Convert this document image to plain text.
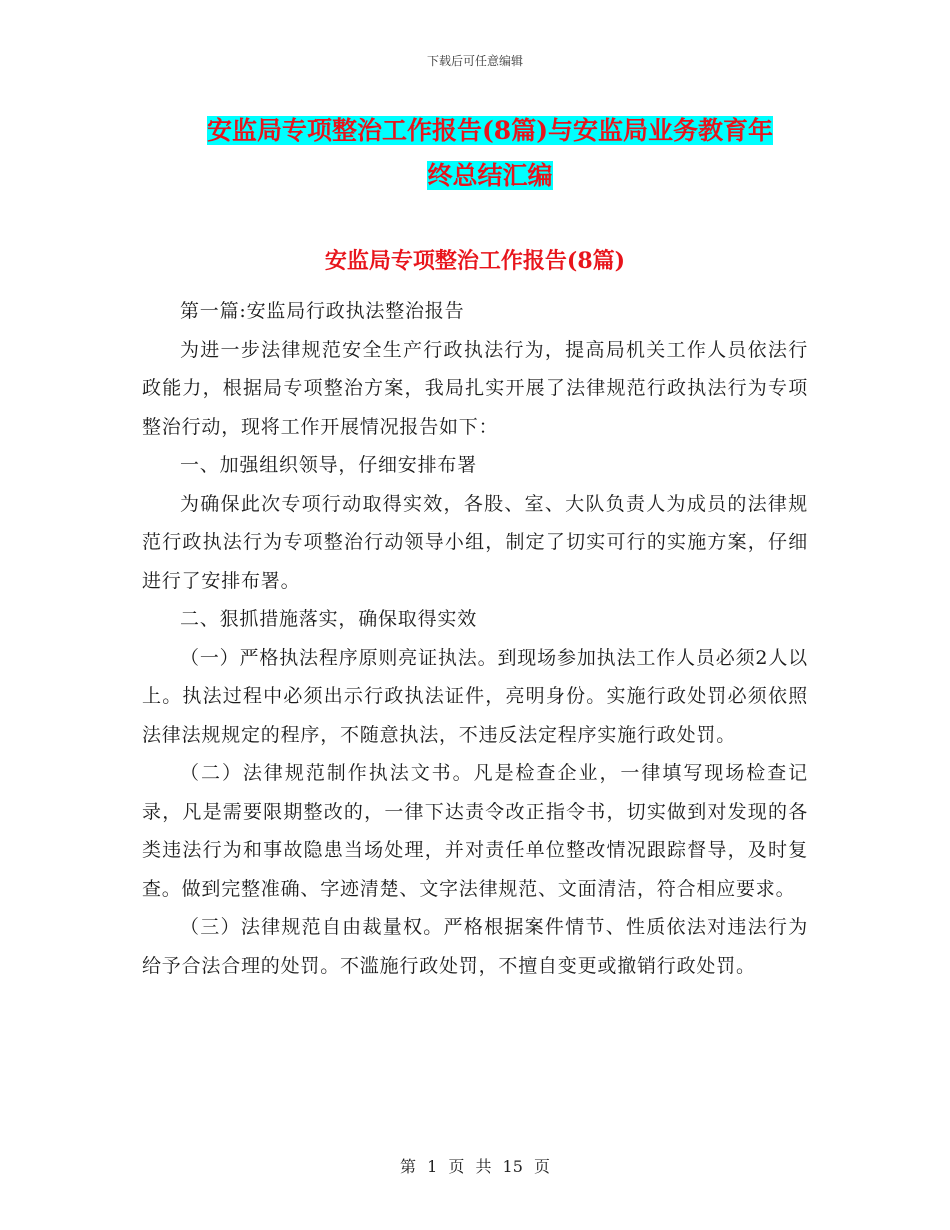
下载后可任意编辑
安监局专项整治工作报告(8篇)与安监局业务教育年
终总结汇编
安监局专项整治工作报告(8篇)

第一篇:安监局行政执法整治报告

为进一步法律规范安全生产行政执法行为，提高局机关工作人员依法行政能力，根据局专项整治方案，我局扎实开展了法律规范行政执法行为专项整治行动，现将工作开展情况报告如下：

一、加强组织领导，仔细安排布署

为确保此次专项行动取得实效，各股、室、大队负责人为成员的法律规范行政执法行为专项整治行动领导小组，制定了切实可行的实施方案，仔细进行了安排布署。

二、狠抓措施落实，确保取得实效

（一）严格执法程序原则亮证执法。到现场参加执法工作人员必须2人以上。执法过程中必须出示行政执法证件，亮明身份。实施行政处罚必须依照法律法规规定的程序，不随意执法，不违反法定程序实施行政处罚。

（二）法律规范制作执法文书。凡是检查企业，一律填写现场检查记录，凡是需要限期整改的，一律下达责令改正指令书，切实做到对发现的各类违法行为和事故隐患当场处理，并对责任单位整改情况跟踪督导，及时复查。做到完整准确、字迹清楚、文字法律规范、文面清洁，符合相应要求。

（三）法律规范自由裁量权。严格根据案件情节、性质依法对违法行为给予合法合理的处罚。不滥施行政处罚，不擅自变更或撤销行政处罚。

第 1 页 共 15 页
